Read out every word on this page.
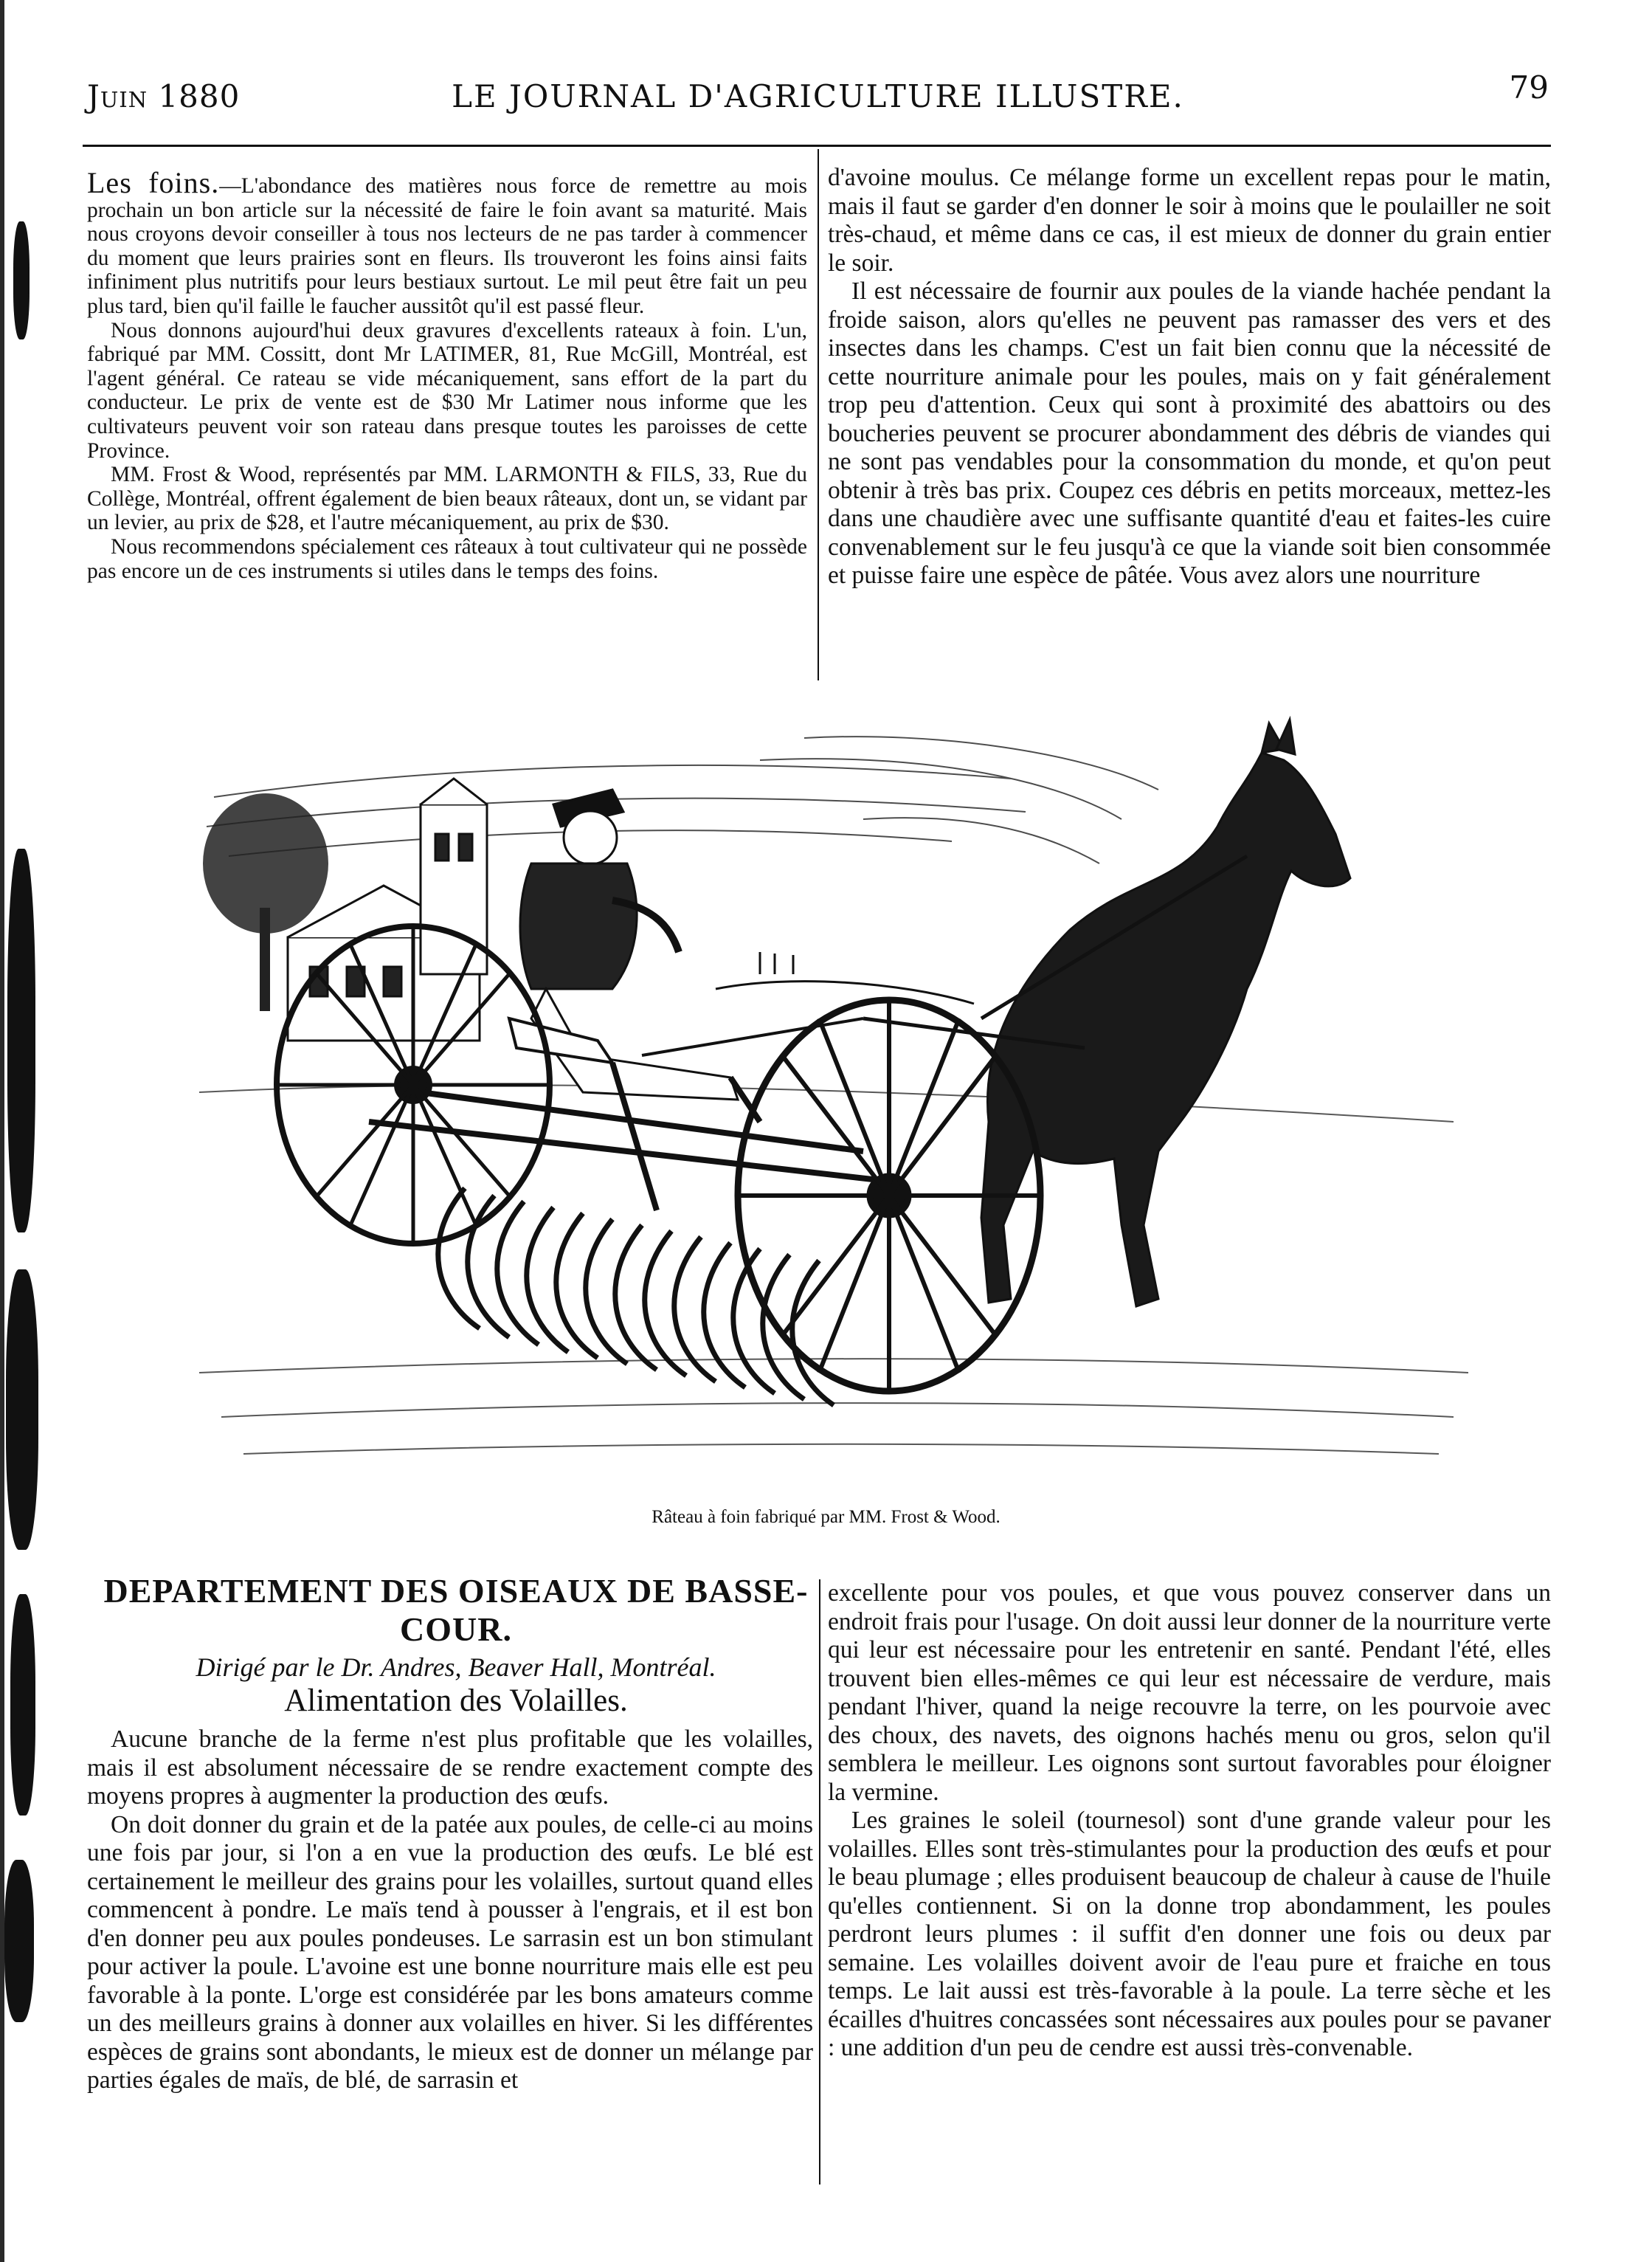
Juin 1880	LE JOURNAL D'AGRICULTURE ILLUSTRE.	79

Les foins.—L'abondance des matières nous force de remettre au mois prochain un bon article sur la nécessité de faire le foin avant sa maturité. Mais nous croyons devoir conseiller à tous nos lecteurs de ne pas tarder à commencer du moment que leurs prairies sont en fleurs. Ils trouveront les foins ainsi faits infiniment plus nutritifs pour leurs bestiaux surtout. Le mil peut être fait un peu plus tard, bien qu'il faille le faucher aussitôt qu'il est passé fleur.

Nous donnons aujourd'hui deux gravures d'excellents rateaux à foin. L'un, fabriqué par MM. Cossitt, dont Mr LATIMER, 81, Rue McGill, Montréal, est l'agent général. Ce rateau se vide mécaniquement, sans effort de la part du conducteur. Le prix de vente est de $30 Mr Latimer nous informe que les cultivateurs peuvent voir son rateau dans presque toutes les paroisses de cette Province.

MM. Frost & Wood, représentés par MM. LARMONTH & FILS, 33, Rue du Collège, Montréal, offrent également de bien beaux râteaux, dont un, se vidant par un levier, au prix de $28, et l'autre mécaniquement, au prix de $30.

Nous recommendons spécialement ces râteaux à tout cultivateur qui ne possède pas encore un de ces instruments si utiles dans le temps des foins.

d'avoine moulus. Ce mélange forme un excellent repas pour le matin, mais il faut se garder d'en donner le soir à moins que le poulailler ne soit très-chaud, et même dans ce cas, il est mieux de donner du grain entier le soir.

Il est nécessaire de fournir aux poules de la viande hachée pendant la froide saison, alors qu'elles ne peuvent pas ramasser des vers et des insectes dans les champs. C'est un fait bien connu que la nécessité de cette nourriture animale pour les poules, mais on y fait généralement trop peu d'attention. Ceux qui sont à proximité des abattoirs ou des boucheries peuvent se procurer abondamment des débris de viandes qui ne sont pas vendables pour la consommation du monde, et qu'on peut obtenir à très bas prix. Coupez ces débris en petits morceaux, mettez-les dans une chaudière avec une suffisante quantité d'eau et faites-les cuire convenablement sur le feu jusqu'à ce que la viande soit bien consommée et puisse faire une espèce de pâtée. Vous avez alors une nourriture

Râteau à foin fabriqué par MM. Frost & Wood.
DEPARTEMENT DES OISEAUX DE BASSE-COUR.
Dirigé par le Dr. Andres, Beaver Hall, Montréal.
Alimentation des Volailles.

Aucune branche de la ferme n'est plus profitable que les volailles, mais il est absolument nécessaire de se rendre exactement compte des moyens propres à augmenter la production des œufs.

On doit donner du grain et de la patée aux poules, de celle-ci au moins une fois par jour, si l'on a en vue la production des œufs. Le blé est certainement le meilleur des grains pour les volailles, surtout quand elles commencent à pondre. Le maïs tend à pousser à l'engrais, et il est bon d'en donner peu aux poules pondeuses. Le sarrasin est un bon stimulant pour activer la poule. L'avoine est une bonne nourriture mais elle est peu favorable à la ponte. L'orge est considérée par les bons amateurs comme un des meilleurs grains à donner aux volailles en hiver. Si les différentes espèces de grains sont abondants, le mieux est de donner un mélange par parties égales de maïs, de blé, de sarrasin et

excellente pour vos poules, et que vous pouvez conserver dans un endroit frais pour l'usage. On doit aussi leur donner de la nourriture verte qui leur est nécessaire pour les entretenir en santé. Pendant l'été, elles trouvent bien elles-mêmes ce qui leur est nécessaire de verdure, mais pendant l'hiver, quand la neige recouvre la terre, on les pourvoie avec des choux, des navets, des oignons hachés menu ou gros, selon qu'il semblera le meilleur. Les oignons sont surtout favorables pour éloigner la vermine.

Les graines le soleil (tournesol) sont d'une grande valeur pour les volailles. Elles sont très-stimulantes pour la production des œufs et pour le beau plumage ; elles produisent beaucoup de chaleur à cause de l'huile qu'elles contiennent. Si on la donne trop abondamment, les poules perdront leurs plumes : il suffit d'en donner une fois ou deux par semaine. Les volailles doivent avoir de l'eau pure et fraiche en tous temps. Le lait aussi est très-favorable à la poule. La terre sèche et les écailles d'huitres concassées sont nécessaires aux poules pour se pavaner : une addition d'un peu de cendre est aussi très-convenable.
